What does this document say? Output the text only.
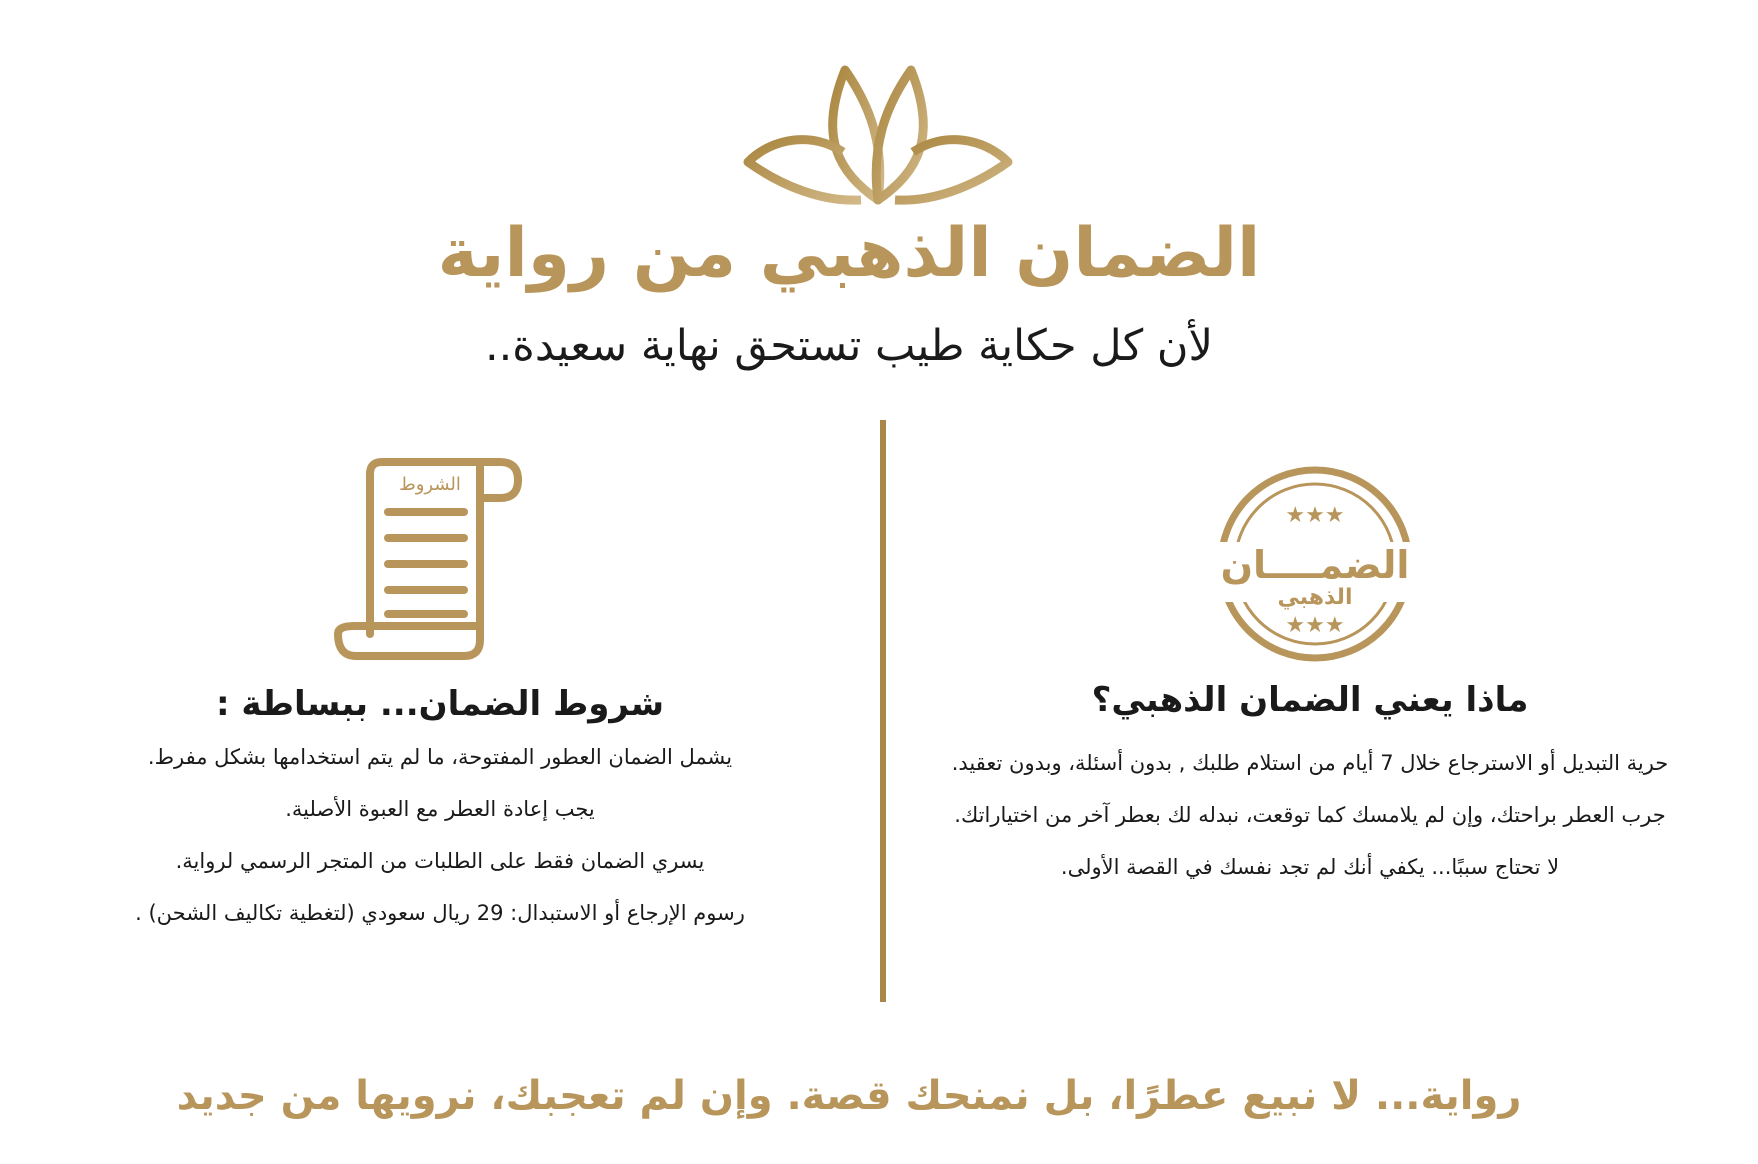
الضمان الذهبي من رواية
لأن كل حكاية طيب تستحق نهاية سعيدة..
★★★
★★★
الضمــــان
الذهبي
ماذا يعني الضمان الذهبي؟

حرية التبديل أو الاسترجاع خلال 7 أيام من استلام طلبك , بدون أسئلة، وبدون تعقيد.

جرب العطر براحتك، وإن لم يلامسك كما توقعت، نبدله لك بعطر آخر من اختياراتك.

لا تحتاج سببًا... يكفي أنك لم تجد نفسك في القصة الأولى.

الشروط
شروط الضمان... ببساطة :

يشمل الضمان العطور المفتوحة، ما لم يتم استخدامها بشكل مفرط.

يجب إعادة العطر مع العبوة الأصلية.

يسري الضمان فقط على الطلبات من المتجر الرسمي لرواية.

رسوم الإرجاع أو الاستبدال: 29 ريال سعودي (لتغطية تكاليف الشحن) .

رواية... لا نبيع عطرًا، بل نمنحك قصة. وإن لم تعجبك، نرويها من جديد
